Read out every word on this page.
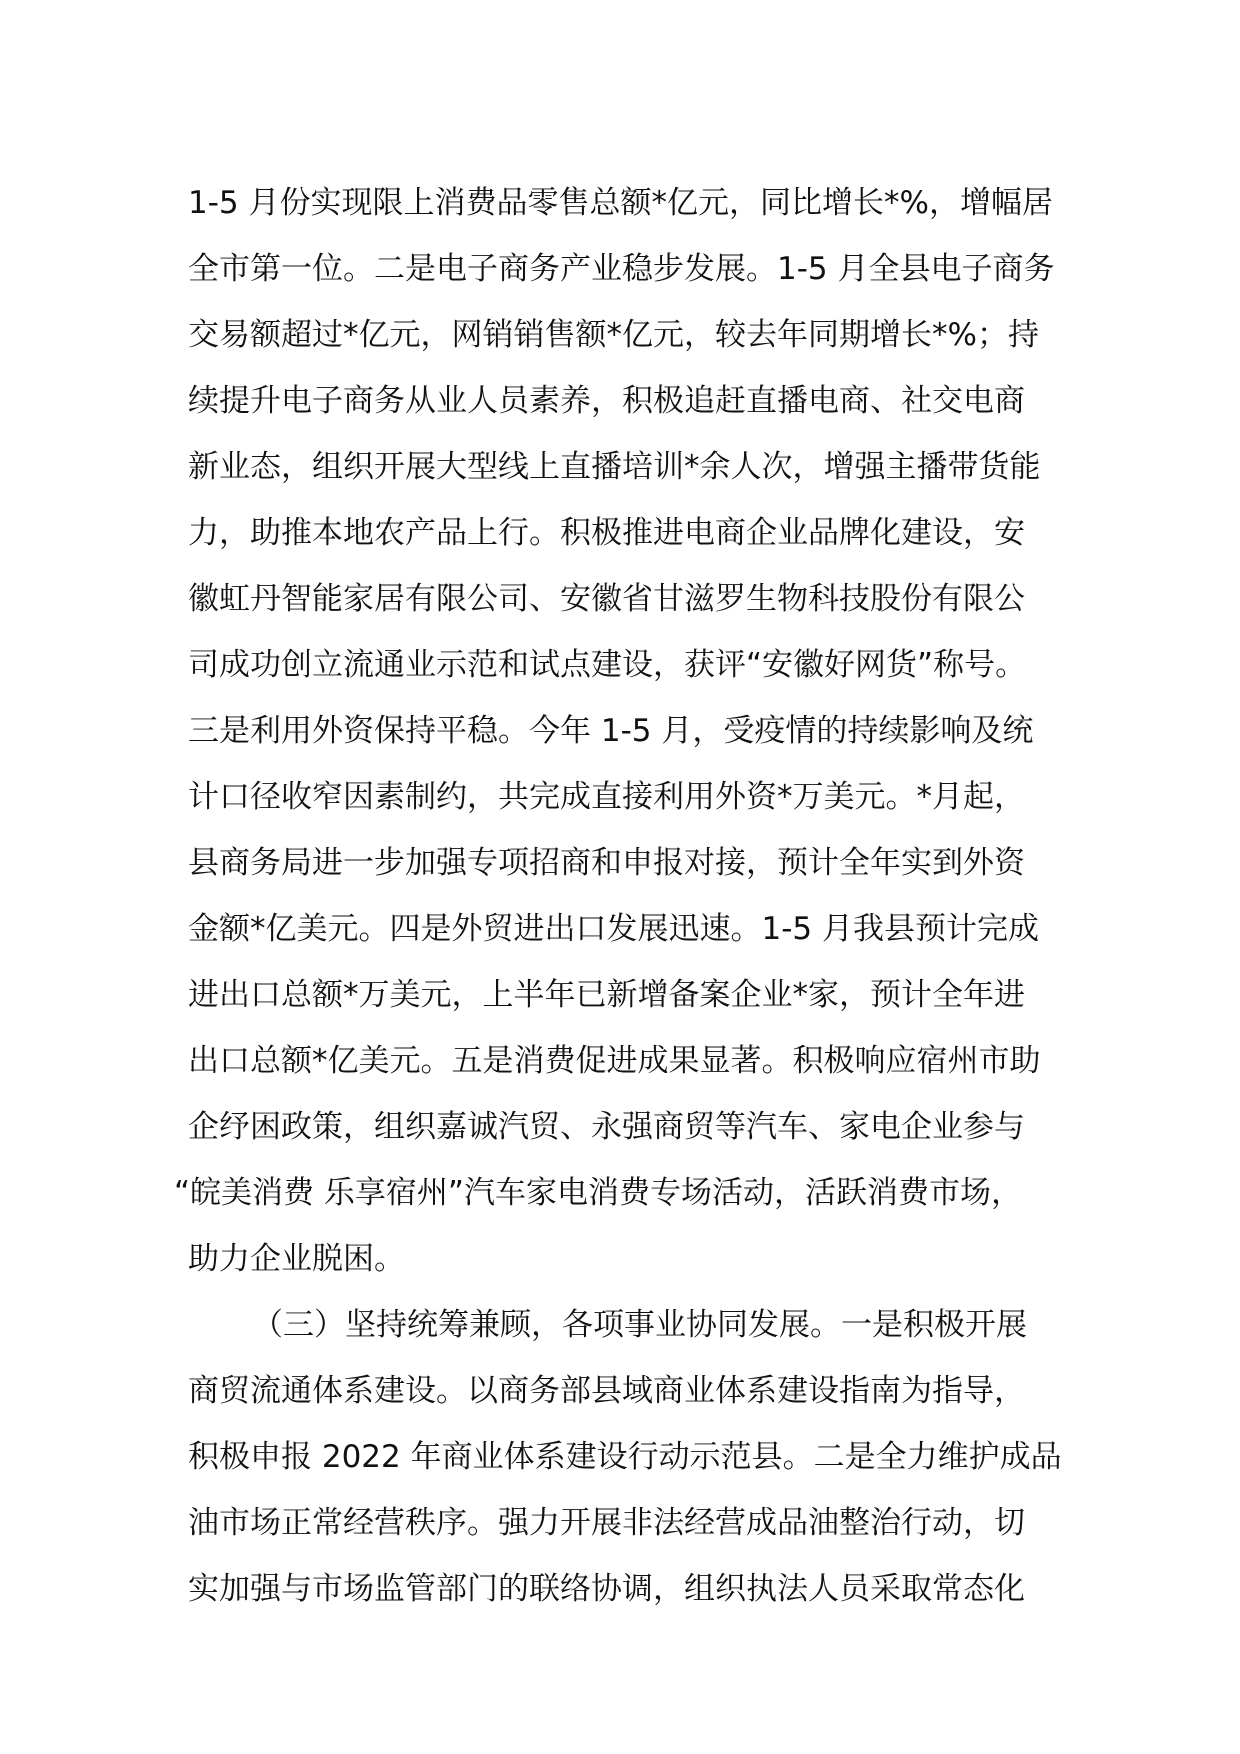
1-5 月份实现限上消费品零售总额*亿元，同比增长*%，增幅居
全市第一位。二是电子商务产业稳步发展。1-5 月全县电子商务
交易额超过*亿元，网销销售额*亿元，较去年同期增长*%；持
续提升电子商务从业人员素养，积极追赶直播电商、社交电商
新业态，组织开展大型线上直播培训*余人次，增强主播带货能
力，助推本地农产品上行。积极推进电商企业品牌化建设，安
徽虹丹智能家居有限公司、安徽省甘滋罗生物科技股份有限公
司成功创立流通业示范和试点建设，获评“安徽好网货”称号。
三是利用外资保持平稳。今年 1-5 月，受疫情的持续影响及统
计口径收窄因素制约，共完成直接利用外资*万美元。*月起，
县商务局进一步加强专项招商和申报对接，预计全年实到外资
金额*亿美元。四是外贸进出口发展迅速。1-5 月我县预计完成
进出口总额*万美元，上半年已新增备案企业*家，预计全年进
出口总额*亿美元。五是消费促进成果显著。积极响应宿州市助
企纾困政策，组织嘉诚汽贸、永强商贸等汽车、家电企业参与
“皖美消费 乐享宿州”汽车家电消费专场活动，活跃消费市场，
助力企业脱困。
（三）坚持统筹兼顾，各项事业协同发展。一是积极开展
商贸流通体系建设。以商务部县域商业体系建设指南为指导，
积极申报 2022 年商业体系建设行动示范县。二是全力维护成品
油市场正常经营秩序。强力开展非法经营成品油整治行动，切
实加强与市场监管部门的联络协调，组织执法人员采取常态化
